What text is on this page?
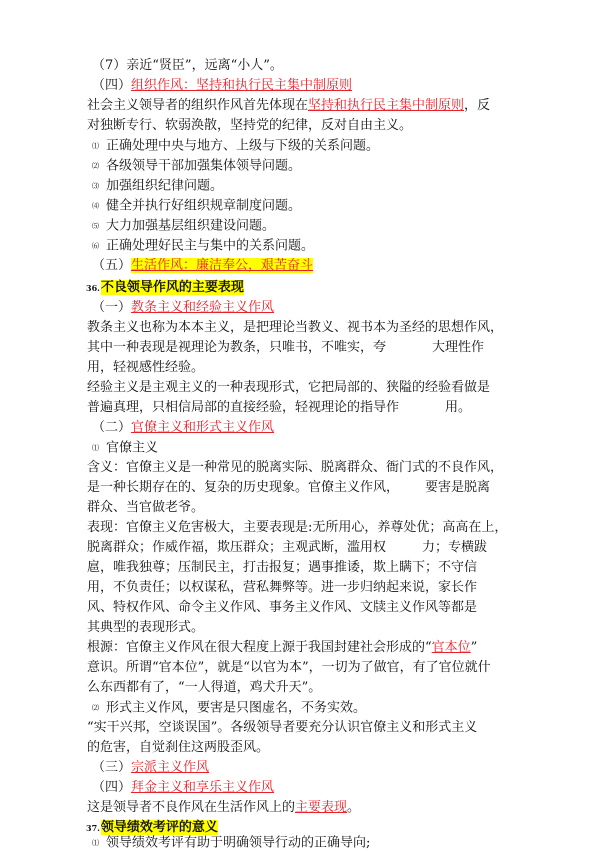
（7）亲近“贤臣”，远离“小人”。
（四）组织作风：坚持和执行民主集中制原则
社会主义领导者的组织作风首先体现在坚持和执行民主集中制原则，反
对独断专行、软弱涣散，坚持党的纪律，反对自由主义。
⑴ 正确处理中央与地方、上级与下级的关系问题。
⑵ 各级领导干部加强集体领导问题。
⑶ 加强组织纪律问题。
⑷ 健全并执行好组织规章制度问题。
⑸ 大力加强基层组织建设问题。
⑹ 正确处理好民主与集中的关系问题。
（五）生活作风：廉洁奉公，艰苦奋斗
36.不良领导作风的主要表现
（一）教条主义和经验主义作风
教条主义也称为本本主义，是把理论当教义、视书本为圣经的思想作风，
其中一种表现是视理论为教条，只唯书，不唯实，夸	大理性作
用，轻视感性经验。
经验主义是主观主义的一种表现形式，它把局部的、狭隘的经验看做是
普遍真理，只相信局部的直接经验，轻视理论的指导作	用。
（二）官僚主义和形式主义作风
⑴ 官僚主义
含义：官僚主义是一种常见的脱离实际、脱离群众、衙门式的不良作风，
是一种长期存在的、复杂的历史现象。官僚主义作风， 要害是脱离
群众、当官做老爷。
表现：官僚主义危害极大，主要表现是:无所用心，养尊处优；高高在上，
脱离群众；作威作福，欺压群众；主观武断，滥用权	力；专横跋
扈，唯我独尊；压制民主，打击报复；遇事推诿，欺上瞒下；不守信
用，不负责任；以权谋私，营私舞弊等。进一步归纳起来说，家长作
风、特权作风、命令主义作风、事务主义作风、文牍主义作风等都是
其典型的表现形式。
根源：官僚主义作风在很大程度上源于我国封建社会形成的“官本位”
意识。所谓“官本位”，就是“以官为本”，一切为了做官，有了官位就什
么东西都有了，“一人得道，鸡犬升天”。
⑵ 形式主义作风，要害是只图虚名，不务实效。
“实干兴邦，空谈误国”。各级领导者要充分认识官僚主义和形式主义
的危害，自觉刹住这两股歪风。
（三）宗派主义作风
（四）拜金主义和享乐主义作风
这是领导者不良作风在生活作风上的主要表现。
37.领导绩效考评的意义
⑴ 领导绩效考评有助于明确领导行动的正确导向;
